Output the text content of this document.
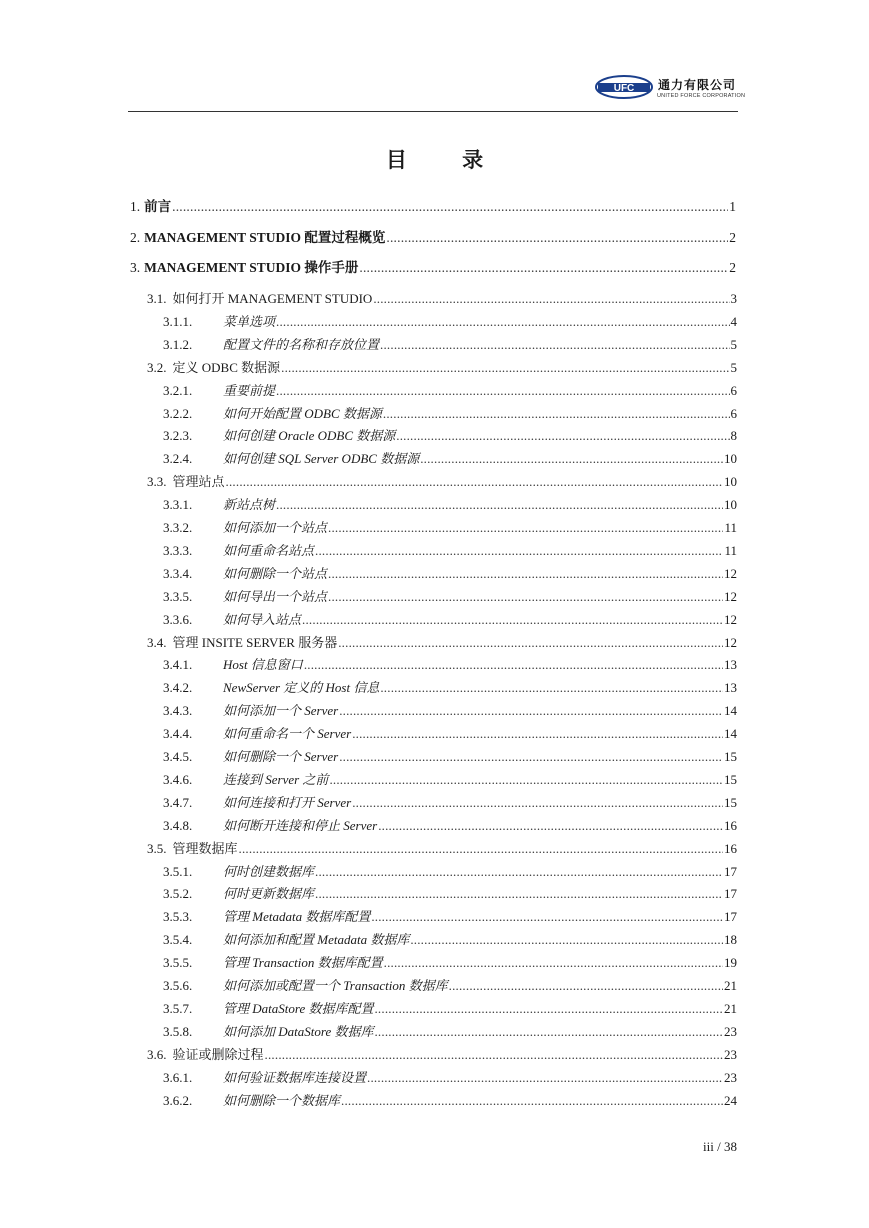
UFC 通力有限公司
UNITED FORCE CORPORATION
目 录
1. 前言 .....	1
2. MANAGEMENT STUDIO 配置过程概览 .....	2
3. MANAGEMENT STUDIO 操作手册 .....	2
3.1. 如何打开 MANAGEMENT STUDIO .....	3
3.1.1.	菜单选项 .....	4
3.1.2.	配置文件的名称和存放位置 .....	5
3.2. 定义 ODBC 数据源 .....	5
3.2.1.	重要前提 .....	6
3.2.2.	如何开始配置 ODBC 数据源 .....	6
3.2.3.	如何创建 Oracle ODBC 数据源 .....	8
3.2.4.	如何创建 SQL Server ODBC 数据源 .....	10
3.3. 管理站点 .....	10
3.3.1.	新站点树 .....	10
3.3.2.	如何添加一个站点 .....	11
3.3.3.	如何重命名站点 .....	11
3.3.4.	如何删除一个站点 .....	12
3.3.5.	如何导出一个站点 .....	12
3.3.6.	如何导入站点 .....	12
3.4. 管理 INSITE SERVER 服务器 .....	12
3.4.1.	Host 信息窗口 .....	13
3.4.2.	NewServer 定义的 Host 信息 .....	13
3.4.3.	如何添加一个 Server .....	14
3.4.4.	如何重命名一个 Server .....	14
3.4.5.	如何删除一个 Server .....	15
3.4.6.	连接到 Server 之前 .....	15
3.4.7.	如何连接和打开 Server .....	15
3.4.8.	如何断开连接和停止 Server .....	16
3.5. 管理数据库 .....	16
3.5.1.	何时创建数据库 .....	17
3.5.2.	何时更新数据库 .....	17
3.5.3.	管理 Metadata 数据库配置 .....	17
3.5.4.	如何添加和配置 Metadata 数据库 .....	18
3.5.5.	管理 Transaction 数据库配置 .....	19
3.5.6.	如何添加或配置一个 Transaction 数据库 .....	21
3.5.7.	管理 DataStore 数据库配置 .....	21
3.5.8.	如何添加 DataStore 数据库 .....	23
3.6. 验证或删除过程 .....	23
3.6.1.	如何验证数据库连接设置 .....	23
3.6.2.	如何删除一个数据库 .....	24
iii / 38
